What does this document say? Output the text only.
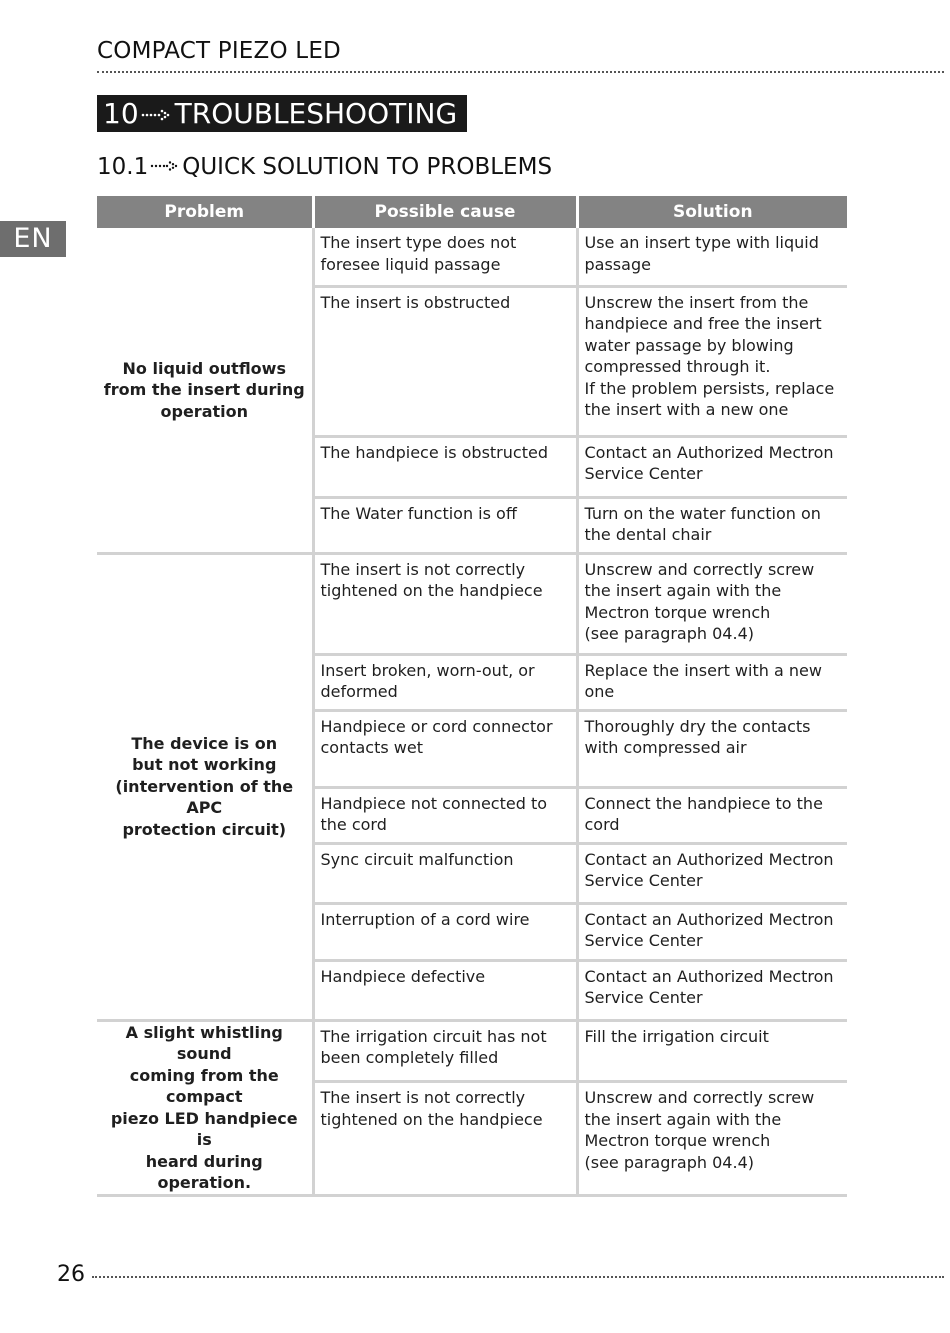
COMPACT PIEZO LED
10 TROUBLESHOOTING
10.1 QUICK SOLUTION TO PROBLEMS
EN
Problem	Possible cause	Solution
No liquid outflows
from the insert during
operation	The insert type does not foresee liquid passage	Use an insert type with liquid passage
	The insert is obstructed	Unscrew the insert from the handpiece and free the insert water passage by blowing compressed through it.
If the problem persists, replace the insert with a new one
	The handpiece is obstructed	Contact an Authorized Mectron Service Center
	The Water function is off	Turn on the water function on the dental chair
The device is on
but not working
(intervention of the APC
protection circuit)	The insert is not correctly tightened on the handpiece	Unscrew and correctly screw the insert again with the Mectron torque wrench
(see paragraph 04.4)
	Insert broken, worn-out, or deformed	Replace the insert with a new one
	Handpiece or cord connector contacts wet	Thoroughly dry the contacts with compressed air
	Handpiece not connected to the cord	Connect the handpiece to the cord
	Sync circuit malfunction	Contact an Authorized Mectron Service Center
	Interruption of a cord wire	Contact an Authorized Mectron Service Center
	Handpiece defective	Contact an Authorized Mectron Service Center
A slight whistling sound
coming from the compact
piezo LED handpiece is
heard during operation.	The irrigation circuit has not been completely filled	Fill the irrigation circuit
	The insert is not correctly tightened on the handpiece	Unscrew and correctly screw the insert again with the Mectron torque wrench
(see paragraph 04.4)
26
